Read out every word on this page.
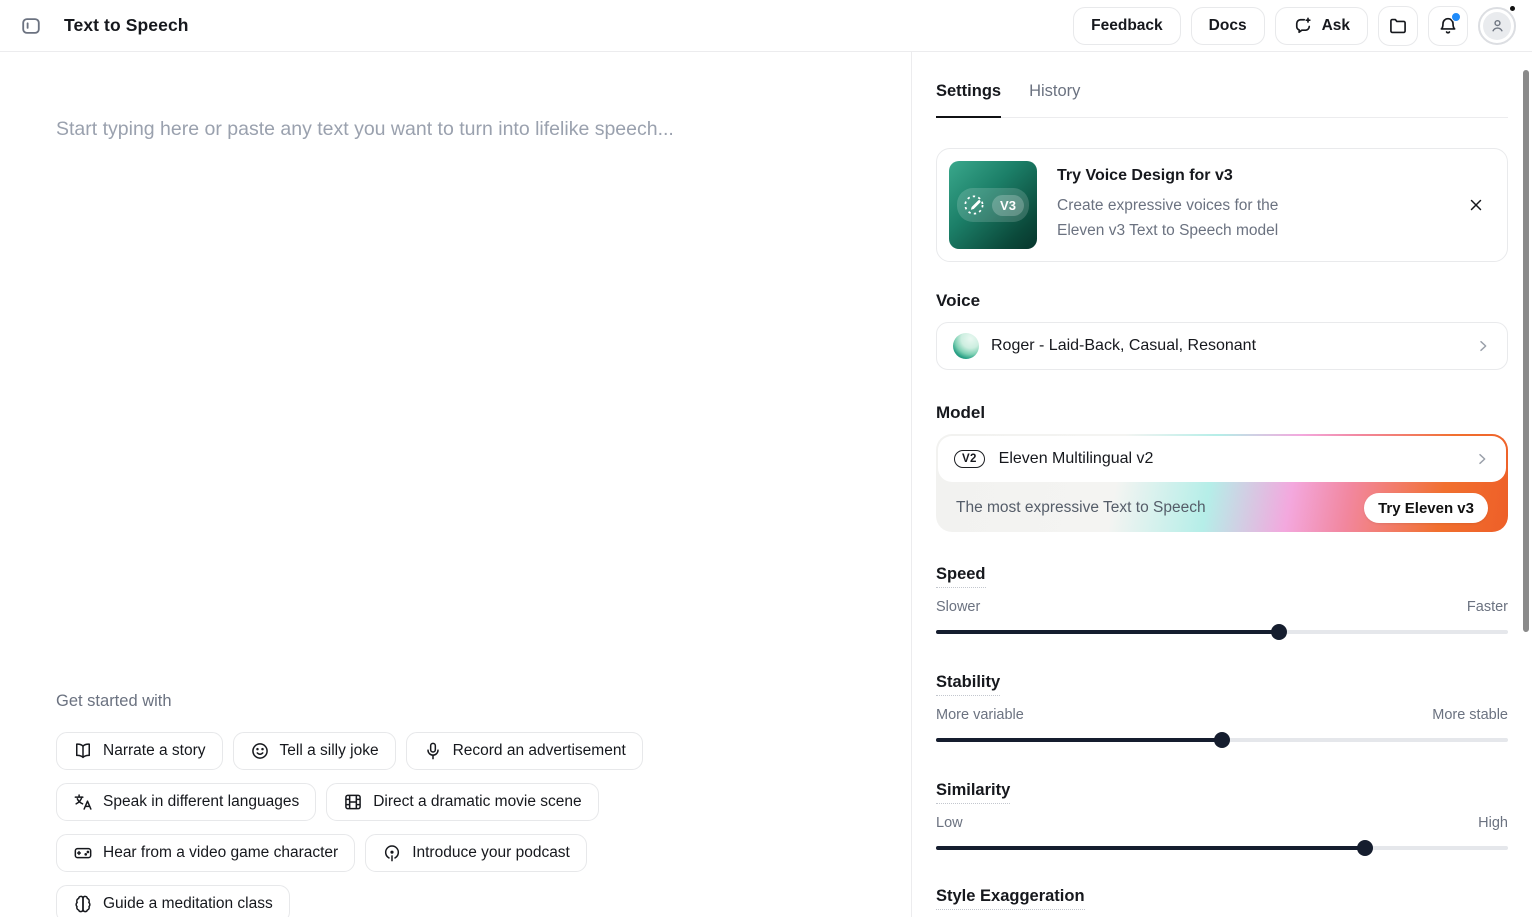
Text to Speech	Feedback	Docs	Ask
Start typing here or paste any text you want to turn into lifelike speech...
Get started with
Narrate a story	Tell a silly joke	Record an advertisement
Speak in different languages	Direct a dramatic movie scene
Hear from a video game character	Introduce your podcast
Guide a meditation class
Settings History
V3
Try Voice Design for v3
Create expressive voices for the Eleven v3 Text to Speech model
Voice
Roger - Laid-Back, Casual, Resonant
Model
V2	Eleven Multilingual v2
The most expressive Text to Speech	Try Eleven v3
Speed
Slower	Faster
Stability
More variable	More stable
Similarity
Low	High
Style Exaggeration
